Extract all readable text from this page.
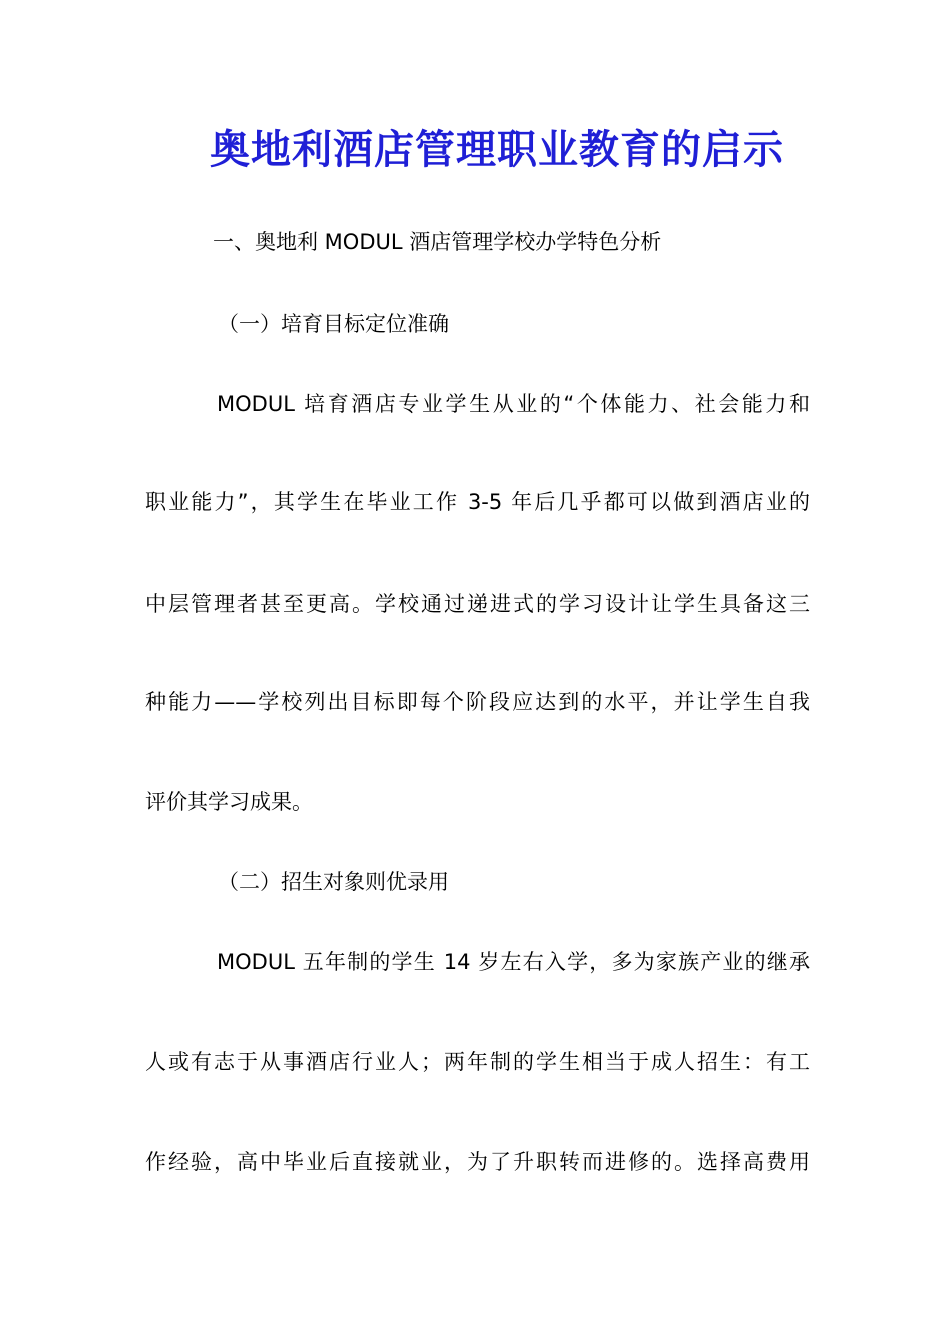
奥地利酒店管理职业教育的启示
一、奥地利 MODUL 酒店管理学校办学特色分析
（一）培育目标定位准确
MODUL 培育酒店专业学生从业的“个体能力、社会能力和
职业能力”，其学生在毕业工作 3-5 年后几乎都可以做到酒店业的
中层管理者甚至更高。学校通过递进式的学习设计让学生具备这三
种能力——学校列出目标即每个阶段应达到的水平，并让学生自我
评价其学习成果。
（二）招生对象则优录用
MODUL 五年制的学生 14 岁左右入学，多为家族产业的继承
人或有志于从事酒店行业人；两年制的学生相当于成人招生：有工
作经验，高中毕业后直接就业，为了升职转而进修的。选择高费用
